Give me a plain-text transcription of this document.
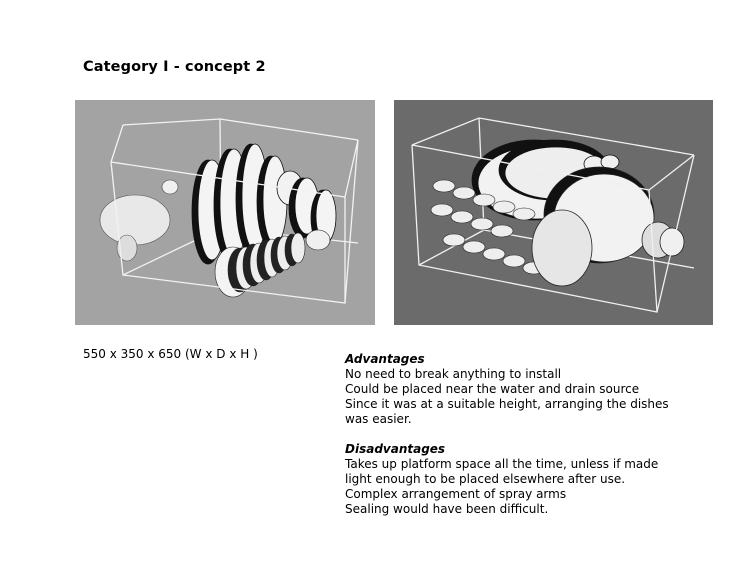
Category I - concept 2
550 x 350 x 650 (W x D x H )	Advantages
No need to break anything to install
Could be placed near the water and drain source
Since it was at a suitable height, arranging the dishes was easier.
Disadvantages
Takes up platform space all the time, unless if made light enough to be placed elsewhere after use.
Complex arrangement of spray arms
Sealing would have been difficult.
